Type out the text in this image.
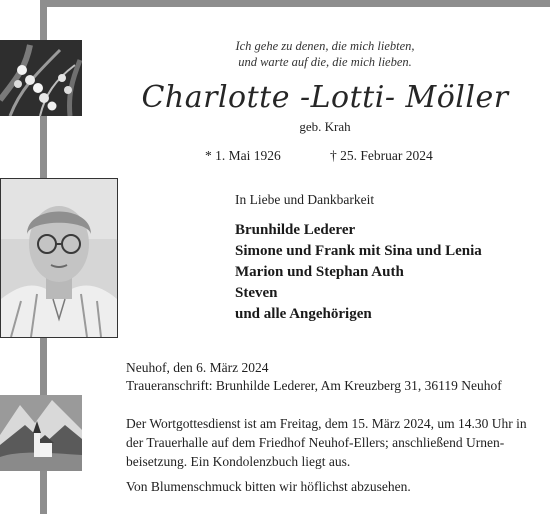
Ich gehe zu denen, die mich liebten,
und warte auf die, die mich lieben.
Charlotte -Lotti- Möller
geb. Krah
* 1. Mai 1926	† 25. Februar 2024
In Liebe und Dankbarkeit
Brunhilde Lederer
Simone und Frank mit Sina und Lenia
Marion und Stephan Auth
Steven
und alle Angehörigen
Neuhof, den 6. März 2024
Traueranschrift: Brunhilde Lederer, Am Kreuzberg 31, 36119 Neuhof

Der Wortgottesdienst ist am Freitag, dem 15. März 2024, um 14.30 Uhr in der Trauerhalle auf dem Friedhof Neuhof-Ellers; anschließend Urnen-beisetzung. Ein Kondolenzbuch liegt aus.

Von Blumenschmuck bitten wir höflichst abzusehen.
